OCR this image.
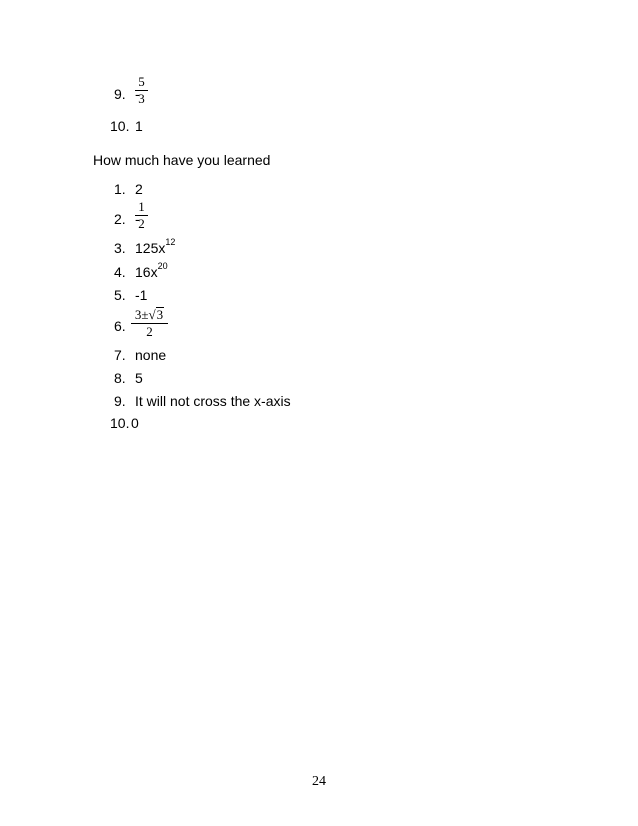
9. -
5
3
10. 1
How much have you learned
1. 2
2. -
1
2
3. $125x^{12}$
4. $16x^{20}$
5. -1
6.
3±√3
2
7. none
8. 5
9. It will not cross the x-axis
10. 0
24
